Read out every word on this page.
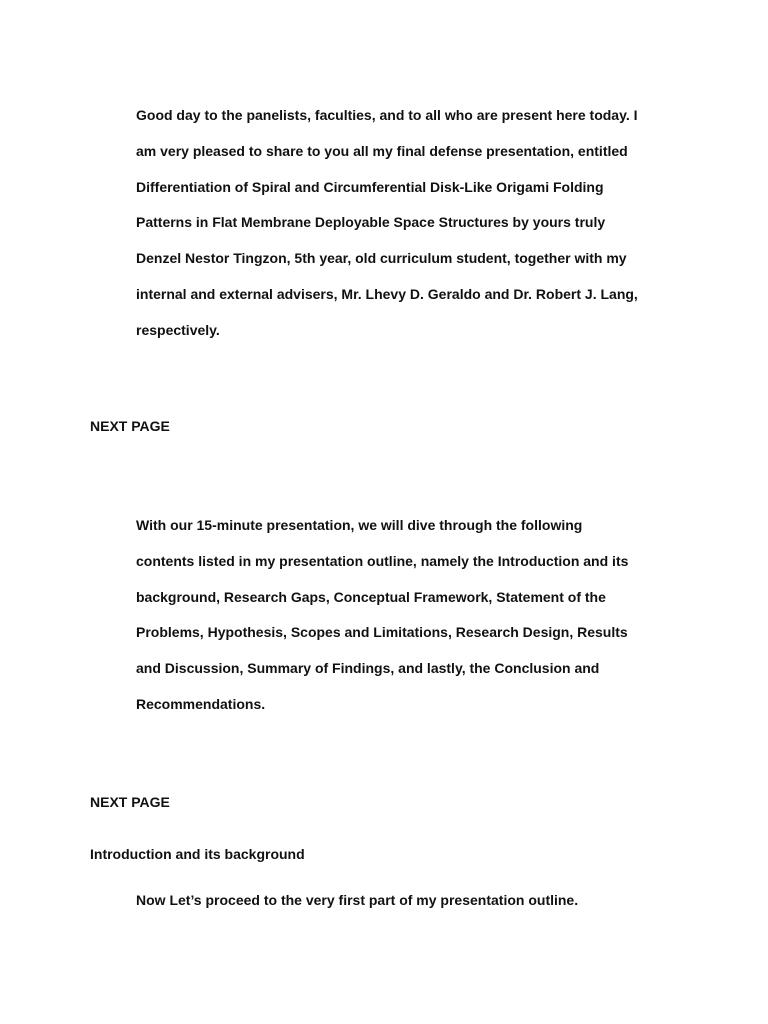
Good day to the panelists, faculties, and to all who are present here today. I
am very pleased to share to you all my final defense presentation, entitled
Differentiation of Spiral and Circumferential Disk-Like Origami Folding
Patterns in Flat Membrane Deployable Space Structures by yours truly
Denzel Nestor Tingzon, 5th year, old curriculum student, together with my
internal and external advisers, Mr. Lhevy D. Geraldo and Dr. Robert J. Lang,
respectively.

NEXT PAGE

With our 15-minute presentation, we will dive through the following
contents listed in my presentation outline, namely the Introduction and its
background, Research Gaps, Conceptual Framework, Statement of the
Problems, Hypothesis, Scopes and Limitations, Research Design, Results
and Discussion, Summary of Findings, and lastly, the Conclusion and
Recommendations.

NEXT PAGE

Introduction and its background

Now Let’s proceed to the very first part of my presentation outline.
